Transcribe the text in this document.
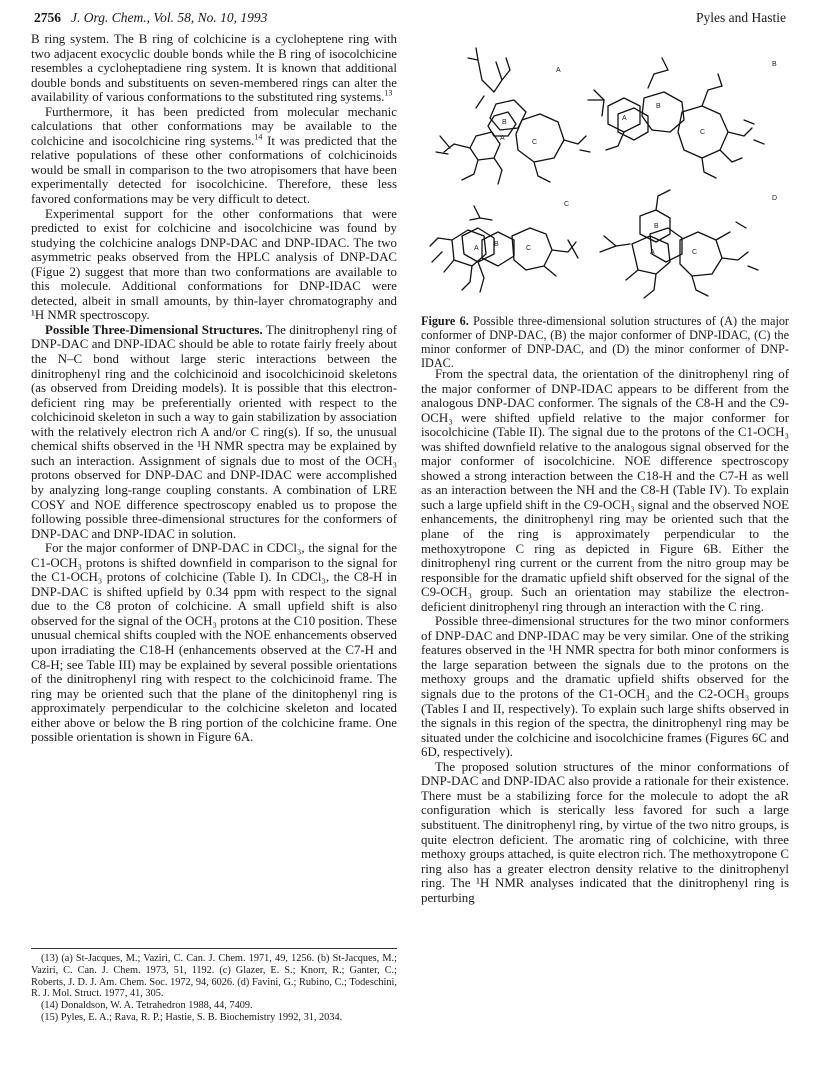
2756 J. Org. Chem., Vol. 58, No. 10, 1993	Pyles and Hastie

B ring system. The B ring of colchicine is a cycloheptene ring with two adjacent exocyclic double bonds while the B ring of isocolchicine resembles a cycloheptadiene ring system. It is known that additional double bonds and substituents on seven-membered rings can alter the availability of various conformations to the substituted ring systems.$^{13}$

Furthermore, it has been predicted from molecular mechanic calculations that other conformations may be available to the colchicine and isocolchicine ring systems.$^{14}$ It was predicted that the relative populations of these other conformations of colchicinoids would be small in comparison to the two atropisomers that have been experimentally detected for isocolchicine. Therefore, these less favored conformations may be very difficult to detect.

Experimental support for the other conformations that were predicted to exist for colchicine and isocolchicine was found by studying the colchicine analogs DNP-DAC and DNP-IDAC. The two asymmetric peaks observed from the HPLC analysis of DNP-DAC (Figue 2) suggest that more than two conformations are available to this molecule. Additional conformations for DNP-IDAC were detected, albeit in small amounts, by thin-layer chromatography and ¹H NMR spectroscopy.

Possible Three-Dimensional Structures. The dinitrophenyl ring of DNP-DAC and DNP-IDAC should be able to rotate fairly freely about the N–C bond without large steric interactions between the dinitrophenyl ring and the colchicinoid and isocolchicinoid skeletons (as observed from Dreiding models). It is possible that this electron-deficient ring may be preferentially oriented with respect to the colchicinoid skeleton in such a way to gain stabilization by association with the relatively electron rich A and/or C ring(s). If so, the unusual chemical shifts observed in the ¹H NMR spectra may be explained by such an interaction. Assignment of signals due to most of the OCH₃ protons observed for DNP-DAC and DNP-IDAC were accomplished by analyzing long-range coupling constants. A combination of LRE COSY and NOE difference spectroscopy enabled us to propose the following possible three-dimensional structures for the conformers of DNP-DAC and DNP-IDAC in solution.

For the major conformer of DNP-DAC in CDCl₃, the signal for the C1-OCH₃ protons is shifted downfield in comparison to the signal for the C1-OCH₃ protons of colchicine (Table I). In CDCl₃, the C8-H in DNP-DAC is shifted upfield by 0.34 ppm with respect to the signal due to the C8 proton of colchicine. A small upfield shift is also observed for the signal of the OCH₃ protons at the C10 position. These unusual chemical shifts coupled with the NOE enhancements observed upon irradiating the C18-H (enhancements observed at the C7-H and C8-H; see Table III) may be explained by several possible orientations of the dinitrophenyl ring with respect to the colchicinoid frame. The ring may be oriented such that the plane of the dinitophenyl ring is approximately perpendicular to the colchicine skeleton and located either above or below the B ring portion of the colchicine frame. One possible orientation is shown in Figure 6A.

(13) (a) St-Jacques, M.; Vaziri, C. Can. J. Chem. 1971, 49, 1256. (b) St-Jacques, M.; Vaziri, C. Can. J. Chem. 1973, 51, 1192. (c) Glazer, E. S.; Knorr, R.; Ganter, C.; Roberts, J. D. J. Am. Chem. Soc. 1972, 94, 6026. (d) Favini, G.; Rubino, C.; Todeschini, R. J. Mol. Struct. 1977, 41, 305.

(14) Donaldson, W. A. Tetrahedron 1988, 44, 7409.

(15) Pyles, E. A.; Rava, R. P.; Hastie, S. B. Biochemistry 1992, 31, 2034.

A
B
C
A
B
C
A
B
C
A
B
C
A
B
C
D
Figure 6. Possible three-dimensional solution structures of (A) the major conformer of DNP-DAC, (B) the major conformer of DNP-IDAC, (C) the minor conformer of DNP-DAC, and (D) the minor conformer of DNP-IDAC.

From the spectral data, the orientation of the dinitrophenyl ring of the major conformer of DNP-IDAC appears to be different from the analogous DNP-DAC conformer. The signals of the C8-H and the C9-OCH₃ were shifted upfield relative to the major conformer for isocolchicine (Table II). The signal due to the protons of the C1-OCH₃ was shifted downfield relative to the analogous signal observed for the major conformer of isocolchicine. NOE difference spectroscopy showed a strong interaction between the C18-H and the C7-H as well as an interaction between the NH and the C8-H (Table IV). To explain such a large upfield shift in the C9-OCH₃ signal and the observed NOE enhancements, the dinitrophenyl ring may be oriented such that the plane of the ring is approximately perpendicular to the methoxytropone C ring as depicted in Figure 6B. Either the dinitrophenyl ring current or the current from the nitro group may be responsible for the dramatic upfield shift observed for the signal of the C9-OCH₃ group. Such an orientation may stabilize the electron-deficient dinitrophenyl ring through an interaction with the C ring.

Possible three-dimensional structures for the two minor conformers of DNP-DAC and DNP-IDAC may be very similar. One of the striking features observed in the ¹H NMR spectra for both minor conformers is the large separation between the signals due to the protons on the methoxy groups and the dramatic upfield shifts observed for the signals due to the protons of the C1-OCH₃ and the C2-OCH₃ groups (Tables I and II, respectively). To explain such large shifts observed in the signals in this region of the spectra, the dinitrophenyl ring may be situated under the colchicine and isocolchicine frames (Figures 6C and 6D, respectively).

The proposed solution structures of the minor conformations of DNP-DAC and DNP-IDAC also provide a rationale for their existence. There must be a stabilizing force for the molecule to adopt the aR configuration which is sterically less favored for such a large substituent. The dinitrophenyl ring, by virtue of the two nitro groups, is quite electron deficient. The aromatic ring of colchicine, with three methoxy groups attached, is quite electron rich. The methoxytropone C ring also has a greater electron density relative to the dinitrophenyl ring. The ¹H NMR analyses indicated that the dinitrophenyl ring is perturbing
